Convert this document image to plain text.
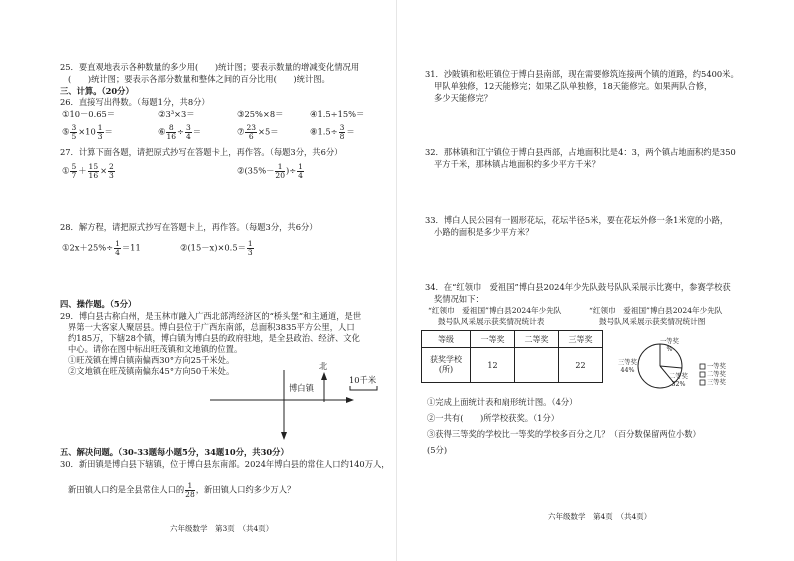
25．要直观地表示各种数量的多少用(　　)统计图；要表示数量的增减变化情况用
(　　)统计图；要表示各部分数量和整体之间的百分比用(　　)统计图。
三、计算。（20分）
26．直接写出得数。（每题1分，共8分）
①10－0.65＝	②3³×3＝	③25%×8＝	④1.5÷15%＝
⑤ $\frac{3}{5} \times 10 \frac{1}{3}$ ＝	⑥ $\frac{8}{16} \div \frac{3}{4}$ ＝	⑦ $\frac{23}{6} \times 5=$	⑧1.5÷ $\frac{3}{8}$ ＝
27．计算下面各题，请把原式抄写在答题卡上，再作答。（每题3分，共6分）
① $\frac{5}{7} + \frac{15}{16} \times \frac{2}{3}$	②(35%－ $\frac{1}{20}$ )÷ $\frac{1}{4}$
28．解方程，请把原式抄写在答题卡上，再作答。（每题3分，共6分）
①2x＋25%÷ $\frac{1}{4} =11$	②(15－x)×0.5＝ $\frac{1}{3}$
四、操作题。（5分）
29．博白县古称白州，是玉林市融入广西北部湾经济区的“桥头堡”和主通道，是世
界第一大客家人聚居县。博白县位于广西东南部，总面积3835平方公里，人口
约185万，下辖28个镇，博白镇为博白县的政府驻地，是全县政治、经济、文化
中心。请你在图中标出旺茂镇和文地镇的位置。
①旺茂镇在博白镇南偏西30°方向25千米处。
②文地镇在旺茂镇南偏东45°方向50千米处。	北
博白镇
10千米
五、解决问题。（30-33题每小题5分，34题10分，共30分）
30．新田镇是博白县下辖镇，位于博白县东南部。2024年博白县的常住人口约140万人，
新田镇人口约是全县常住人口的 $\frac{1}{28}$ ，新田镇人口约多少万人？
六年级数学　第3页　（共4页）
31．沙陂镇和松旺镇位于博白县南部，现在需要修筑连接两个镇的道路，约5400米。
甲队单独修，12天能修完；如果乙队单独修，18天能修完。如果两队合修，
多少天能修完？
32．那林镇和江宁镇位于博白县西部，占地面积比是4：3，两个镇占地面积约是350
平方千米，那林镇占地面积约多少平方千米？
33．博白人民公园有一圆形花坛，花坛半径5米，要在花坛外修一条1米宽的小路，
小路的面积是多少平方米？
34．在“红领巾　爱祖国”博白县2024年少先队鼓号队队采展示比赛中，参赛学校获
奖情况如下：
“红领巾　爱祖国”博白县2024年少先队
鼓号队风采展示获奖情况统计表
等级	一等奖	二等奖	三等奖
获奖学校
(所)	12		22
“红领巾　爱祖国”博白县2024年少先队
鼓号队风采展示获奖情况统计图
一等奖
%
三等奖
44%
二等奖
32%
一等奖
二等奖
三等奖
①完成上面统计表和扇形统计图。（4分）
②一共有(　　)所学校获奖。（1分）
③获得三等奖的学校比一等奖的学校多百分之几？（百分数保留两位小数）
(5分)
六年级数学　第4页　（共4页）
